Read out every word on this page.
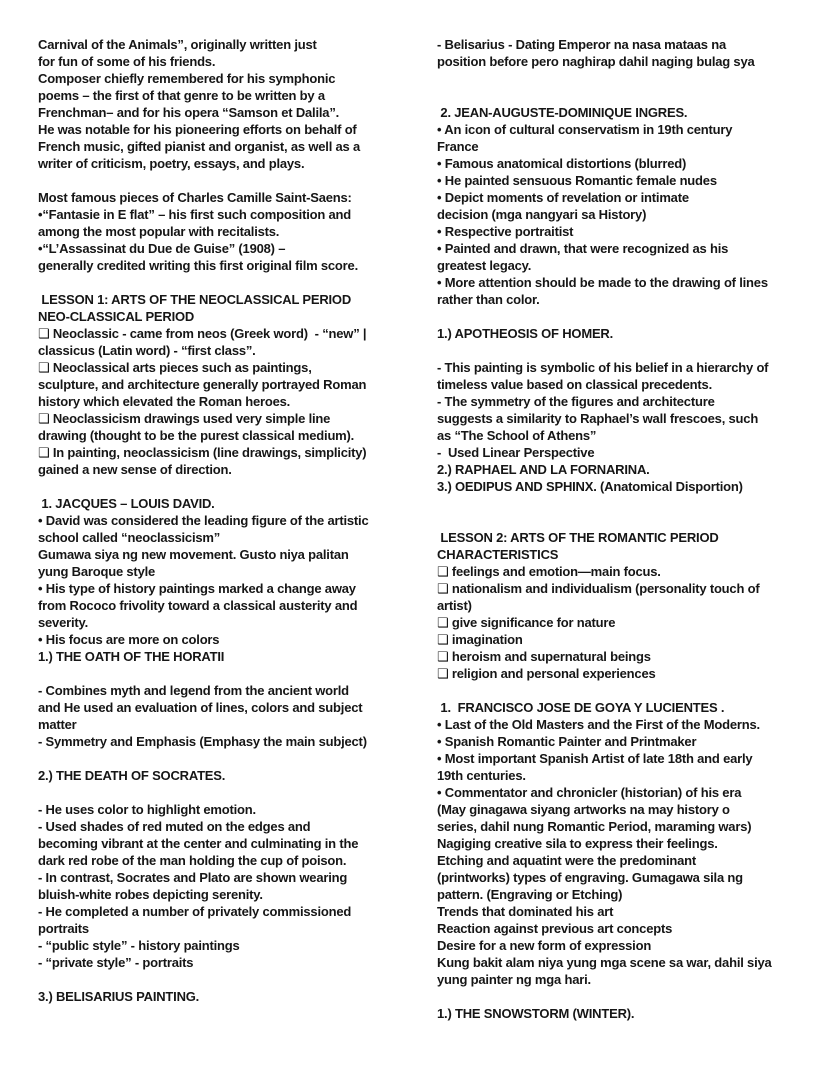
Carnival of the Animals”, originally written just
for fun of some of his friends.
Composer chiefly remembered for his symphonic
poems – the first of that genre to be written by a
Frenchman– and for his opera “Samson et Dalila”.
He was notable for his pioneering efforts on behalf of
French music, gifted pianist and organist, as well as a
writer of criticism, poetry, essays, and plays.
Most famous pieces of Charles Camille Saint-Saens:
•“Fantasie in E flat” – his first such composition and
among the most popular with recitalists.
•“L’Assassinat du Due de Guise” (1908) –
generally credited writing this first original film score.
LESSON 1: ARTS OF THE NEOCLASSICAL PERIOD
NEO-CLASSICAL PERIOD
❑ Neoclassic - came from neos (Greek word)  - “new” |
classicus (Latin word) - “first class”.
❑ Neoclassical arts pieces such as paintings,
sculpture, and architecture generally portrayed Roman
history which elevated the Roman heroes.
❑ Neoclassicism drawings used very simple line
drawing (thought to be the purest classical medium).
❑ In painting, neoclassicism (line drawings, simplicity)
gained a new sense of direction.
1. JACQUES – LOUIS DAVID.
• David was considered the leading figure of the artistic
school called “neoclassicism”
Gumawa siya ng new movement. Gusto niya palitan
yung Baroque style
• His type of history paintings marked a change away
from Rococo frivolity toward a classical austerity and
severity.
• His focus are more on colors
1.) THE OATH OF THE HORATII
- Combines myth and legend from the ancient world
and He used an evaluation of lines, colors and subject
matter
- Symmetry and Emphasis (Emphasy the main subject)
2.) THE DEATH OF SOCRATES.
- He uses color to highlight emotion.
- Used shades of red muted on the edges and
becoming vibrant at the center and culminating in the
dark red robe of the man holding the cup of poison.
- In contrast, Socrates and Plato are shown wearing
bluish-white robes depicting serenity.
- He completed a number of privately commissioned
portraits
- “public style” - history paintings
- “private style” - portraits
3.) BELISARIUS PAINTING.
- Belisarius - Dating Emperor na nasa mataas na
position before pero naghirap dahil naging bulag sya
2. JEAN-AUGUSTE-DOMINIQUE INGRES.
• An icon of cultural conservatism in 19th century
France
• Famous anatomical distortions (blurred)
• He painted sensuous Romantic female nudes
• Depict moments of revelation or intimate
decision (mga nangyari sa History)
• Respective portraitist
• Painted and drawn, that were recognized as his
greatest legacy.
• More attention should be made to the drawing of lines
rather than color.
1.) APOTHEOSIS OF HOMER.
- This painting is symbolic of his belief in a hierarchy of
timeless value based on classical precedents.
- The symmetry of the figures and architecture
suggests a similarity to Raphael’s wall frescoes, such
as “The School of Athens”
-  Used Linear Perspective
2.) RAPHAEL AND LA FORNARINA.
3.) OEDIPUS AND SPHINX. (Anatomical Disportion)
LESSON 2: ARTS OF THE ROMANTIC PERIOD
CHARACTERISTICS
❑ feelings and emotion—main focus.
❑ nationalism and individualism (personality touch of
artist)
❑ give significance for nature
❑ imagination
❑ heroism and supernatural beings
❑ religion and personal experiences
1.  FRANCISCO JOSE DE GOYA Y LUCIENTES .
• Last of the Old Masters and the First of the Moderns.
• Spanish Romantic Painter and Printmaker
• Most important Spanish Artist of late 18th and early
19th centuries.
• Commentator and chronicler (historian) of his era
(May ginagawa siyang artworks na may history o
series, dahil nung Romantic Period, maraming wars)
Nagiging creative sila to express their feelings.
Etching and aquatint were the predominant
(printworks) types of engraving. Gumagawa sila ng
pattern. (Engraving or Etching)
Trends that dominated his art
Reaction against previous art concepts
Desire for a new form of expression
Kung bakit alam niya yung mga scene sa war, dahil siya
yung painter ng mga hari.
1.) THE SNOWSTORM (WINTER).
